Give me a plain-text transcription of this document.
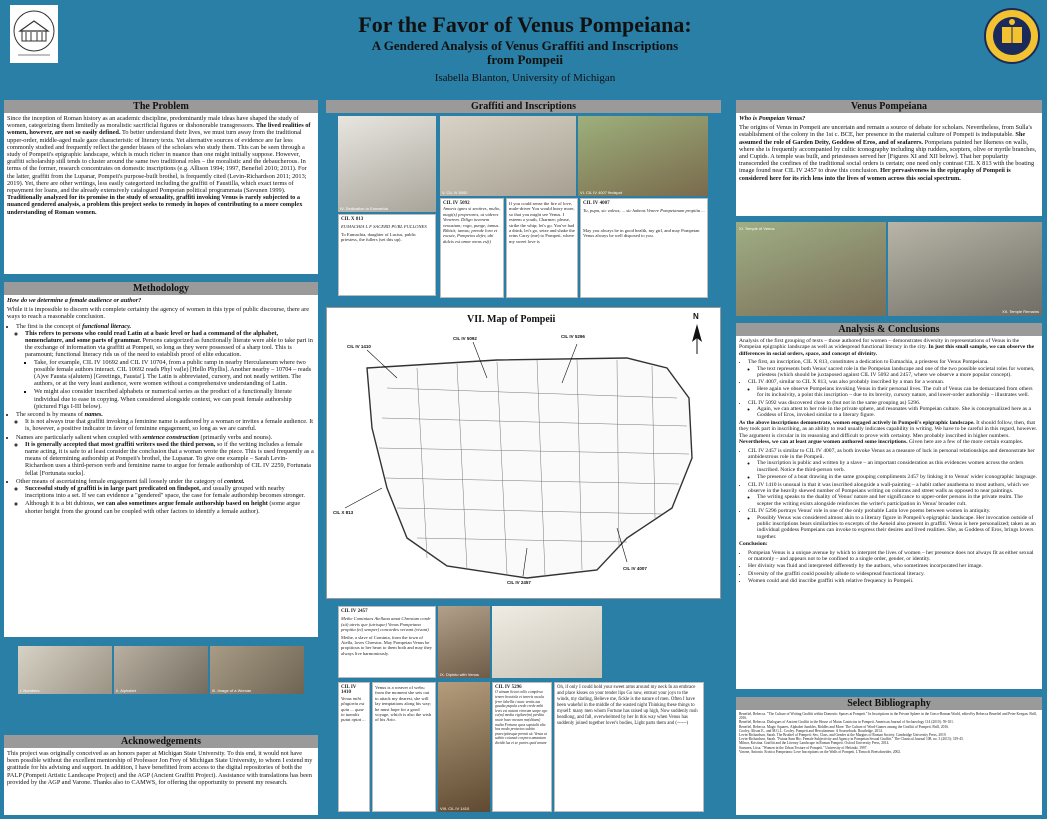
For the Favor of Venus Pompeiana:
A Gendered Analysis of Venus Graffiti and Inscriptions
from Pompeii
Isabella Blanton, University of Michigan
The Problem

Since the inception of Roman history as an academic discipline, predominantly male ideas have shaped the study of women, categorizing them limitedly as moralistic sacrificial figures or dishonorable transgressors. The lived realities of women, however, are not so easily defined. To better understand their lives, we must turn away from the traditional upper-order, middle-aged male gaze characteristic of literary texts. Yet alternative sources of evidence are far less commonly studied and frequently reflect the gender biases of the scholars who study them. This can be seen through a study of Pompeii's epigraphic landscape, which is much richer in nuance than one might initially suppose. However, graffiti scholarship still tends to cluster around the same two traditional roles – the moralistic and the debaucherous. In terms of the former, research concentrates on domestic inscriptions (e.g. Allison 1994; 1997, Benefiel 2010; 2011). For the latter, graffiti from the Lupanar, Pompeii's purpose-built brothel, is frequently cited (Levin-Richardson 2011; 2013; 2019). Yet, there are other writings, less easily categorized including the graffiti of Faustilla, which exact terms of repayment for loans, and the already extensively catalogued Pompeian political programmata (Savunen 1999). Traditionally analyzed for its promise in the study of sexuality, graffiti invoking Venus is rarely subjected to a nuanced gendered analysis, a problem this project seeks to remedy in hopes of contributing to a more complex understanding of Roman women.

Methodology

How do we determine a female audience or author?

While it is impossible to discern with complete certainty the agency of women in this type of public discourse, there are ways to reach a reasonable conclusion.

• The first is the concept of functional literacy.
◦ This refers to persons who could read Latin at a basic level or had a command of the alphabet, nomenclature, and some parts of grammar. Persons categorized as functionally literate were able to take part in the exchange of information via graffiti at Pompeii, so long as they were possessed of a sharp tool. This is paramount; functional literacy rids us of the need to establish proof of elite education.
▪ Take, for example, CIL IV 10692 and CIL IV 10704, from a public ramp in nearby Herculaneum where two possible female authors interact. CIL 10692 reads Phyl va(le) [Hello Phyllis]. Another nearby – 10704 – reads (A)ve Fausta s(alutem) [Greetings, Fausta!]. The Latin is abbreviated, cursory, and not neatly written. The authors, or at the very least audience, were women without a comprehensive understanding of Latin.
▪ We might also consider inscribed alphabets or numerical series as the product of a functionally literate individual due to ease in copying. When considered alongside context, we can posit female authorship (pictured Figs I-III below).
• The second is by means of names.
◦ It is not always true that graffiti invoking a feminine name is authored by a woman or invites a female audience. It is, however, a positive indicator in favor of feminine engagement, so long as we are careful.
• Names are particularly salient when coupled with sentence construction (primarily verbs and nouns).
◦ It is generally accepted that most graffiti writers used the third person, so if the writing includes a female name acting, it is safe to at least consider the conclusion that a woman wrote the piece. This is used frequently as a means of determining authorship at Pompeii's brothel, the Lupanar. To give one example – Sarah Levin-Richardson uses a third-person verb and feminine name to argue for female authorship of CIL IV 2259, Fortunata fellat [Fortunata sucks].
• Other means of ascertaining female engagement fall loosely under the category of context.
◦ Successful study of graffiti is in large part predicated on findspot, and usually grouped with nearby inscriptions into a set. If we can evidence a "gendered" space, the case for female authorship becomes stronger.
◦ Although it is a bit dubious, we can also sometimes argue female authorship based on height (some argue shorter height from the ground can be coupled with other factors to identify a female author).
I. Numbers	II. Alphabet	III. Image of a Woman
Acknowedgements
This project was originally conceived as an honors paper at Michigan State University. To this end, it would not have been possible without the excellent mentorship of Professor Jon Frey of Michigan State University, to whom I extend my gratitude for his advising and support. In addition, I have benefitted from access to the digital repositories of both the PALP (Pompeii Artistic Landscape Project) and the AGP (Ancient Graffiti Project). Assistance with translations has been provided by the AGP and Varone. Thanks also to CAMWS, for offering the opportunity to present my research.
Graffiti and Inscriptions
IV. Dedication to Eumachia
V. CIL IV 5092	VI. CIL IV 4007 findspot
CIL X 813
EUMACHIA L F SACERD PUBL FULLONES
To Eumachia, daughter of Lucius, public priestess, the fullers (set this up).
CIL IV 5092
Amoris ignes si sentires, mulio, magi(s) properares, ut videres Venerem. Diligo iuvenem venustum; rogo, punge, iamus. Bibisti; iamus; prende lora et excute, Pompeios defer, ubi dulcis est amor meus es(t)
If you could sense the fire of love, mule-driver You would hurry more, so that you might see Venus. I esteem a youth, Charmer; please, strike the whip; let's go. You've had a drink, let's go, seize and shake the reins Carry (me) to Pompeii, where my sweet love is
CIL IV 4007
Tu, pupa, sic valeas, ... sic habeas Venere Pompeianam propitia ...
May you always be in good health, my girl, and may Pompeian Venus always be well disposed to you.
VII. Map of Pompeii
CIL IV 5092
CIL IV 1410
CIL IV 5296
CIL X 813
CIL IV 2457
CIL IV 4007
N
CIL IV 2457
Methe Cominiaes Atellana amat Chrestum corde (sit) utreis que (utrisque) Venus Pompeiana propitia (et) semper) concordes veivant (vivant)
Methe, a slave of Cominia, from the town of Atella, loves Chrestus. May Pompeian Venus be propitious to her heart to them both and may they always live harmoniously.
IX. Dipinto with Venus
CIL IV 1410
Venus mihi plagiaria est quia ... quae in tumulis putat optat ...
Venus is a weaver of webs; from the moment she sets out to attack my dearest, she will lay temptations along his way; he must hope for a good voyage, which is also the wish of his Ario.
VIII. CIL IV 1410
CIL IV 5296
O utinam liceat collo complexa tenere braciola et teneris oscula ferre labellis i nunc ventis tua gaudia pupula crede crede mihi levis est natura virorum saepe ego cu(m) media vigilare(m) perdita nocte haec mecum me(ditans) multa Fortuna quos supstulit alte hos modo proiectos subito praecipitesque premit sic Venus ut subito coiunxit corpora amantum dividit lux et se paries quid amare
Oh, if only I could hold your sweet arms around my neck In an embrace and place kisses on your tender lips Go now, entrust your joys to the winds, my darling, Believe me, fickle is the nature of men. Often I have been wakeful in the middle of the wasted night Thinking these things to myself: many men whom Fortune has raised up high, Now suddenly rush headlong, and fall, overwhelmed by her In this way when Venus has suddenly joined together lover's bodies, Light parts them and (------)
Venus Pompeiana

Who is Pompeian Venus?

The origins of Venus in Pompeii are uncertain and remain a source of debate for scholars. Nevertheless, from Sulla's establishment of the colony in the 1st c. BCE, her presence in the material culture of Pompeii is indisputable. She assumed the role of Garden Deity, Goddess of Eros, and of seafarers. Pompeians painted her likeness on walls, where she is frequently accompanied by cultic iconography including ship rudders, scepters, olive or myrtle branches, and Cupids. A temple was built, and priestesses served her [Figures XI and XII below]. That her popularity transcended the confines of the traditional social orders is certain; one need only contrast CIL X 813 with the boating image found near CIL IV 2457 to draw this conclusion. Her pervasiveness in the epigraphy of Pompeii is considered here for its rich lens into the lives of women across this social spectrum.

XI. Temple of Venus
XII. Temple Remains
Analysis & Conclusions

Analysis of the first grouping of texts – those authored for women – demonstrates diversity in representations of Venus in the Pompeian epigraphic landscape as well as widespread functional literacy in the city. In just this small sample, we can observe the differences in social orders, space, and concept of divinity.

• The first, an inscription, CIL X 813, constitutes a dedication to Eumachia, a priestess for Venus Pompeiana.
◦ The text represents both Venus' sacred role in the Pompeian landscape and one of the two possible societal roles for women, priestess (which should be juxtaposed against CIL IV 5092 and 2457, where we observe a more popular concept).
• CIL IV 4007, similar to CIL X 813, was also probably inscribed by a man for a woman.
◦ Here again we observe Pompeians invoking Venus in their personal lives. The cult of Venus can be demarcated from others for its inclusivity, a point this inscription – due to its brevity, cursory nature, and lower-order authorship – illustrates well.
• CIL IV 5092 was discovered close to (but not in the same grouping as) 5296.
◦ Again, we can attest to her role in the private sphere, and resonates with Pompeian culture. She is conceptualized here as a Goddess of Eros, invoked similar to a literary figure.

As the above inscriptions demonstrate, women engaged actively in Pompeii's epigraphic landscape. It should follow, then, that they took part in inscribing, as an ability to read usually indicates capability in writing. We have to be careful in this regard, however. The argument is circular in its reasoning and difficult to prove with certainty. Men probably inscribed in higher numbers. Nevertheless, we can at least argue women authored some inscriptions. Given here are a few of the more certain examples.

• CIL IV 2457 is similar to CIL IV 4007, as both invoke Venus as a measure of luck in personal relationships and demonstrate her ambidextrous role in the Pompeii.
◦ The inscription is public and written by a slave – an important consideration as this evidences women across the orders inscribed. Notice the third-person verb.
◦ The presence of a boat drawing in the same grouping compliments 2457 by linking it to Venus' wider iconographic language.
• CIL IV 1410 is unusual in that it was inscribed alongside a wall-painting – a habit rather anathema to most authors, which we observe in the heavily skewed number of Pompeians writing on columns and street walls as opposed to near paintings.
◦ The writing speaks to the duality of Venus' nature and her significance to upper-order persons in the private realm. The scepter the writing exists alongside reinforces the writer's participation in Venus' broader cult.
• CIL IV 5296 portrays Venus' role in one of the only probable Latin love poems between women in antiquity.
◦ Possibly Venus was considered almost akin to a literary figure in Pompeii's epigraphic landscape. Her invocation outside of public inscriptions bears similarities to excerpts of the Aeneid also present in graffiti. Venus is here personalized; taken as an individual goddess Pompeians can invoke to express their desires and lived realities. She, as Goddess of Eros, brings lovers together.

Conclusion:

• Pompeian Venus is a unique avenue by which to interpret the lives of women – her presence does not always fit as either sexual or matronly – and appears not to be confined to a single order, gender, or identity.
• Her divinity was fluid and interpreted differently by the authors, who sometimes incorporated her image.
• Diversity of the graffiti could possibly allude to widespread functional literacy.
• Women could and did inscribe graffiti with relative frequency in Pompeii.
Select Bibliography
Benefiel, Rebecca. "The Culture of Writing Graffiti within Domestic Spaces at Pompeii." In Inscriptions in the Private Sphere in the Greco-Roman World, edited by Rebecca Benefiel and Peter Keegan. Brill, 2016.
Benefiel, Rebecca. Dialogues of Ancient Graffiti in the House of Maius Castricius in Pompeii. American Journal of Archaeology 114 (2010): 59-101.
Benefiel, Rebecca. Magic Squares, Alphabet Jumbles, Riddles and More: The Culture of Word-Games among the Graffiti of Pompeii. Brill, 2016.
Cooley, Alison E., and M.G.L. Cooley. Pompeii and Herculaneum: A Sourcebook. Routledge, 2014.
Levin-Richardson, Sarah. The Brothel of Pompeii: Sex, Class, and Gender at the Margins of Roman Society. Cambridge University Press, 2019.
Levin-Richardson, Sarah. "Fututa Sum Hic: Female Subjectivity and Agency in Pompeian Sexual Graffiti." The Classical Journal 108, no. 3 (2013): 319-45.
Milnor, Kristina. Graffiti and the Literary Landscape in Roman Pompeii. Oxford University Press, 2014.
Savunen, Liisa. "Women in the Urban Texture of Pompeii." University of Helsinki, 1997.
Varone, Antonio. Erotica Pompeiana: Love Inscriptions on the Walls of Pompeii. L'Erma di Bretschneider, 2002.
